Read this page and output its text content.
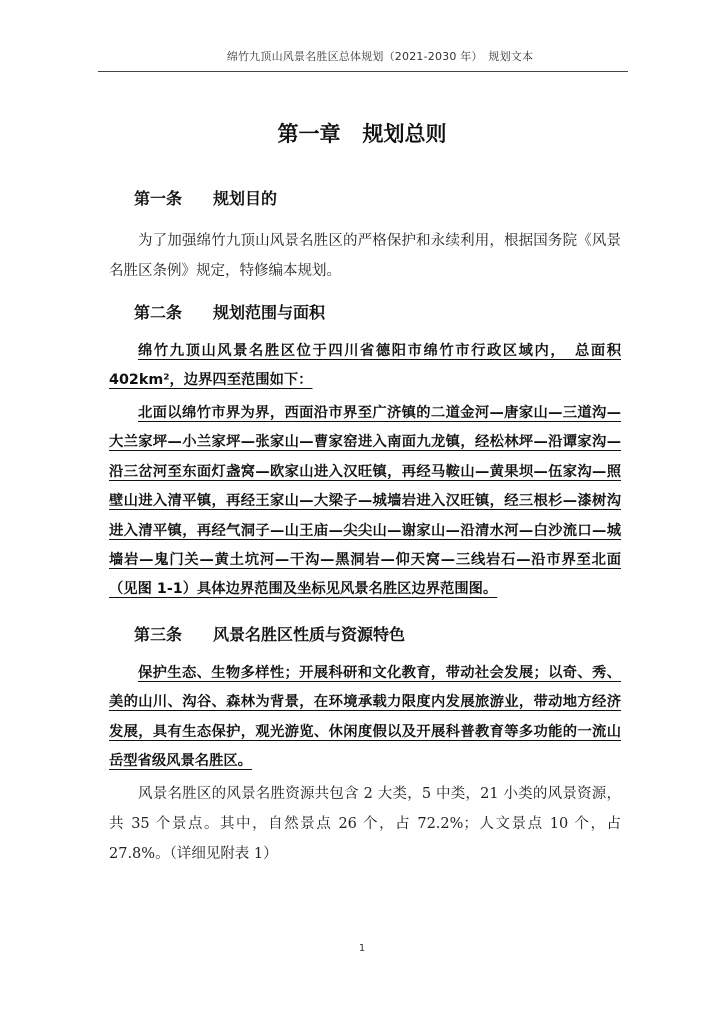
绵竹九顶山风景名胜区总体规划（2021-2030 年）　规划文本
第一章 规划总则
第一条 规划目的

为了加强绵竹九顶山风景名胜区的严格保护和永续利用，根据国务院《风景名胜区条例》规定，特修编本规划。

第二条 规划范围与面积

绵竹九顶山风景名胜区位于四川省德阳市绵竹市行政区域内，　总面积402km²，边界四至范围如下：

北面以绵竹市界为界，西面沿市界至广济镇的二道金河—唐家山—三道沟—大兰家坪—小兰家坪—张家山—曹家窑进入南面九龙镇，经松林坪—沿谭家沟—沿三岔河至东面灯盏窝—欧家山进入汉旺镇，再经马鞍山—黄果坝—伍家沟—照壁山进入清平镇，再经王家山—大梁子—城墙岩进入汉旺镇，经三根杉—漆树沟进入清平镇，再经气洞子—山王庙—尖尖山—谢家山—沿清水河—白沙流口—城墙岩—鬼门关—黄土坑河—干沟—黑洞岩—仰天窝—三线岩石—沿市界至北面（见图 1-1）具体边界范围及坐标见风景名胜区边界范围图。

第三条 风景名胜区性质与资源特色

保护生态、生物多样性；开展科研和文化教育，带动社会发展；以奇、秀、美的山川、沟谷、森林为背景，在环境承载力限度内发展旅游业，带动地方经济发展，具有生态保护，观光游览、休闲度假以及开展科普教育等多功能的一流山岳型省级风景名胜区。

风景名胜区的风景名胜资源共包含 2 大类，5 中类，21 小类的风景资源，共 35 个景点。其中，自然景点 26 个，占 72.2%；人文景点 10 个，占 27.8%。（详细见附表 1）

1
